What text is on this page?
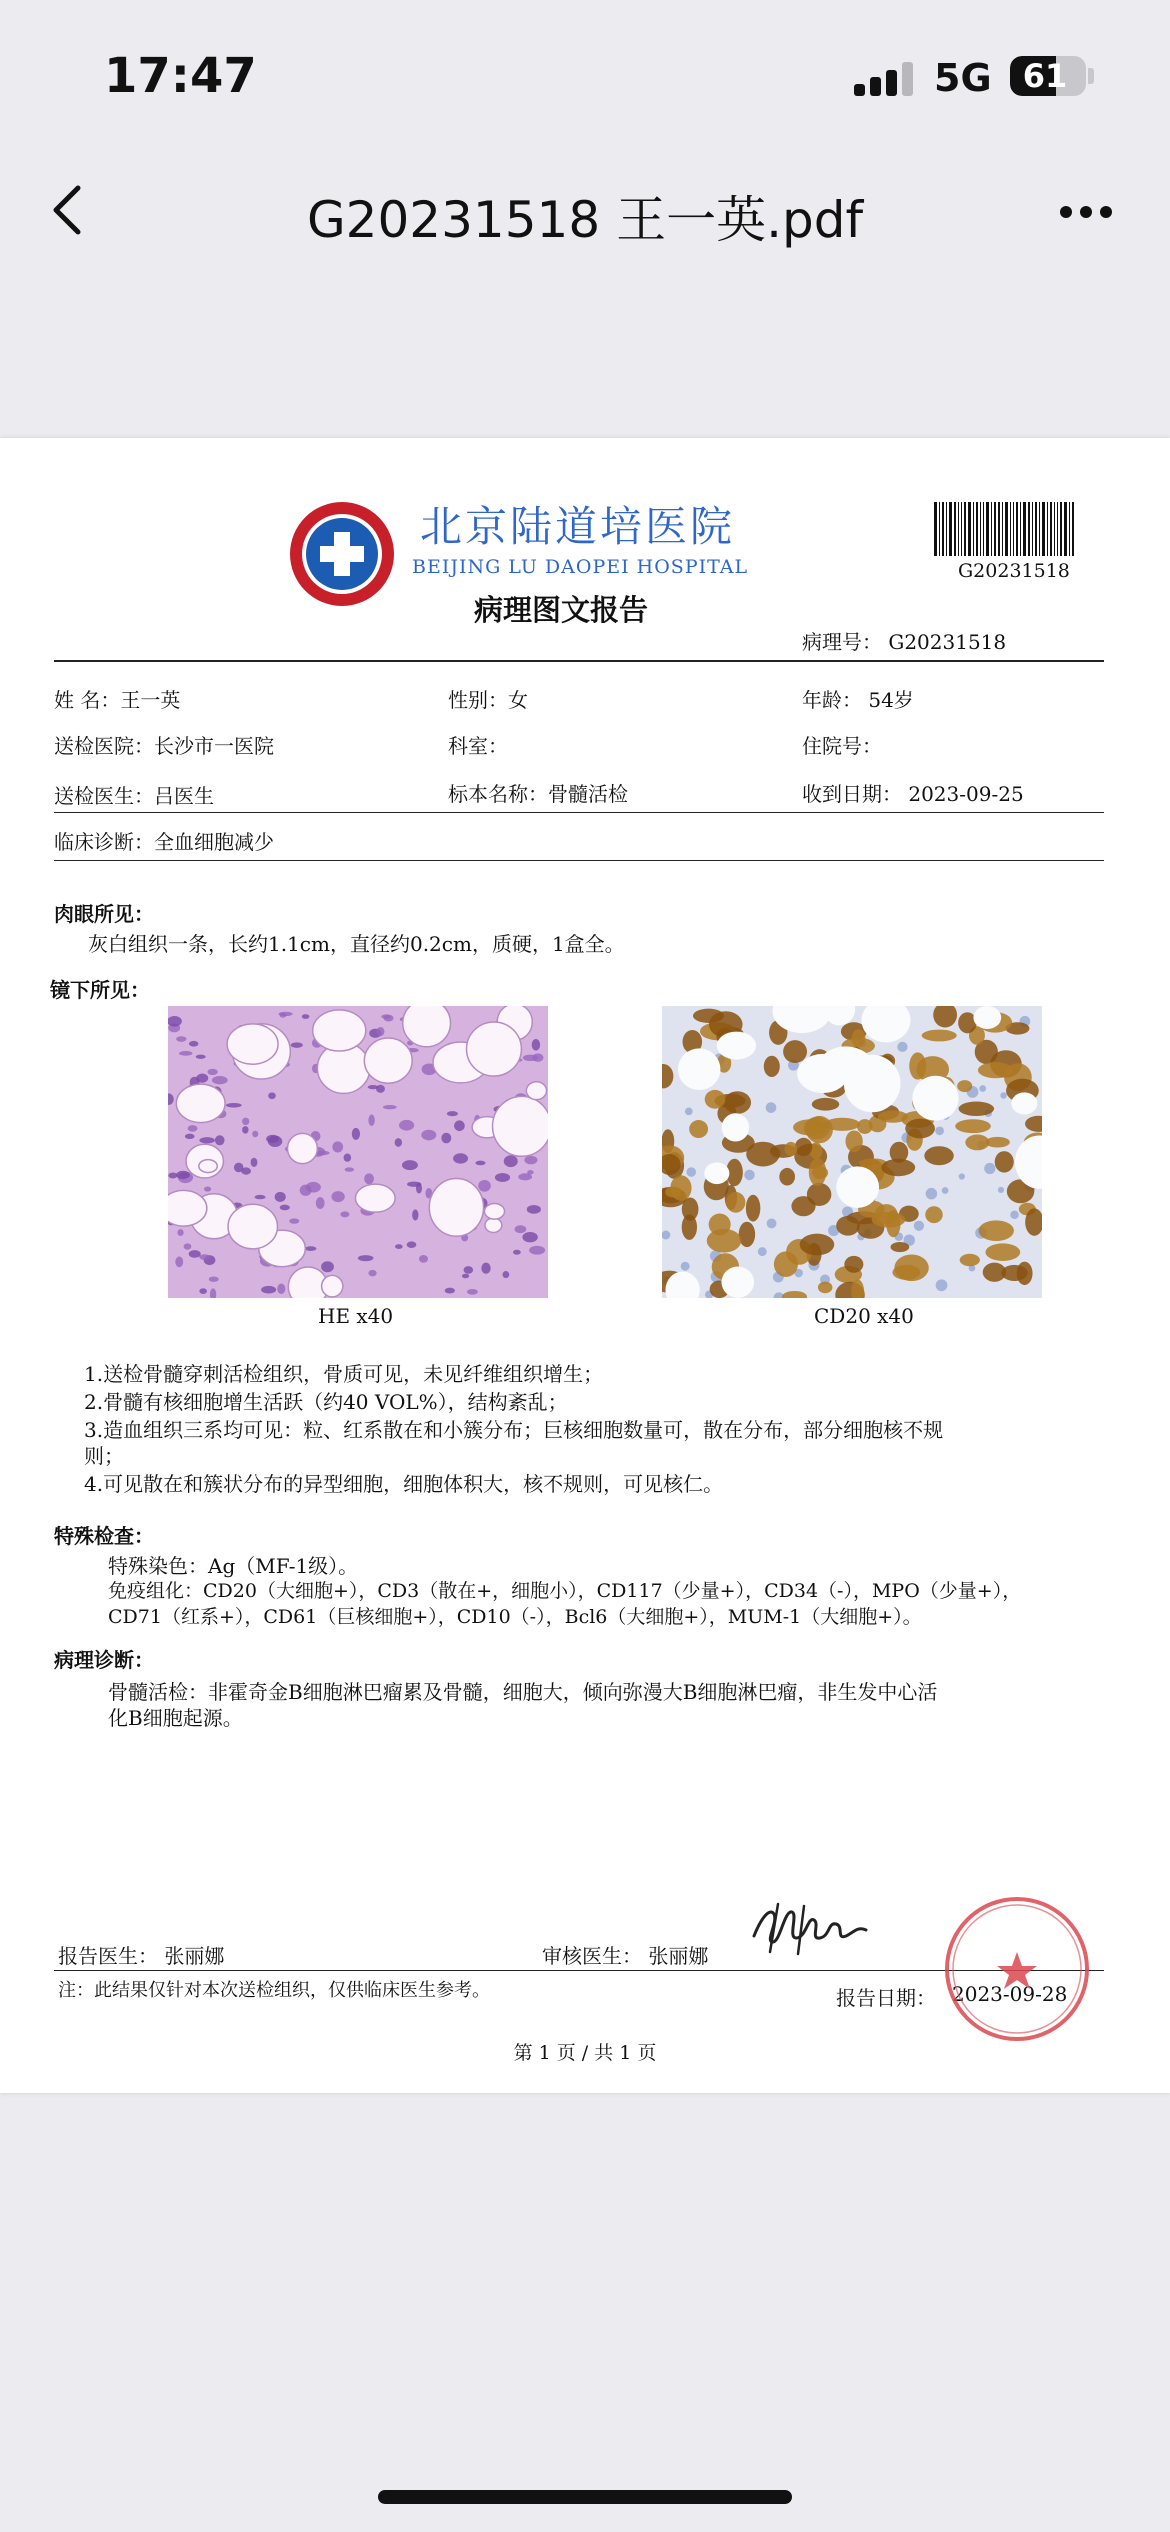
17:47	5G 61
G20231518 王一英.pdf
北京陆道培医院
BEIJING LU DAOPEI HOSPITAL
病理图文报告
G20231518
病理号： G20231518
姓 名：王一英	性别：女	年龄： 54岁
送检医院：长沙市一医院	科室：	住院号：
送检医生：吕医生	标本名称：骨髓活检	收到日期： 2023-09-25
临床诊断：全血细胞减少
肉眼所见：
灰白组织一条，长约1.1cm，直径约0.2cm，质硬，1盒全。
镜下所见：
HE x40	CD20 x40
1.送检骨髓穿刺活检组织，骨质可见，未见纤维组织增生；
2.骨髓有核细胞增生活跃（约40 VOL%），结构紊乱；
3.造血组织三系均可见：粒、红系散在和小簇分布；巨核细胞数量可，散在分布，部分细胞核不规
则；
4.可见散在和簇状分布的异型细胞，细胞体积大，核不规则，可见核仁。
特殊检查：
特殊染色：Ag（MF-1级）。
免疫组化：CD20（大细胞+），CD3（散在+，细胞小），CD117（少量+），CD34（-），MPO（少量+），
CD71（红系+），CD61（巨核细胞+），CD10（-），Bcl6（大细胞+），MUM-1（大细胞+）。
病理诊断：
骨髓活检：非霍奇金B细胞淋巴瘤累及骨髓，细胞大，倾向弥漫大B细胞淋巴瘤，非生发中心活
化B细胞起源。
报告医生： 张丽娜	审核医生： 张丽娜
注：此结果仅针对本次送检组织，仅供临床医生参考。	报告日期： 2023-09-28
第 1 页 / 共 1 页
